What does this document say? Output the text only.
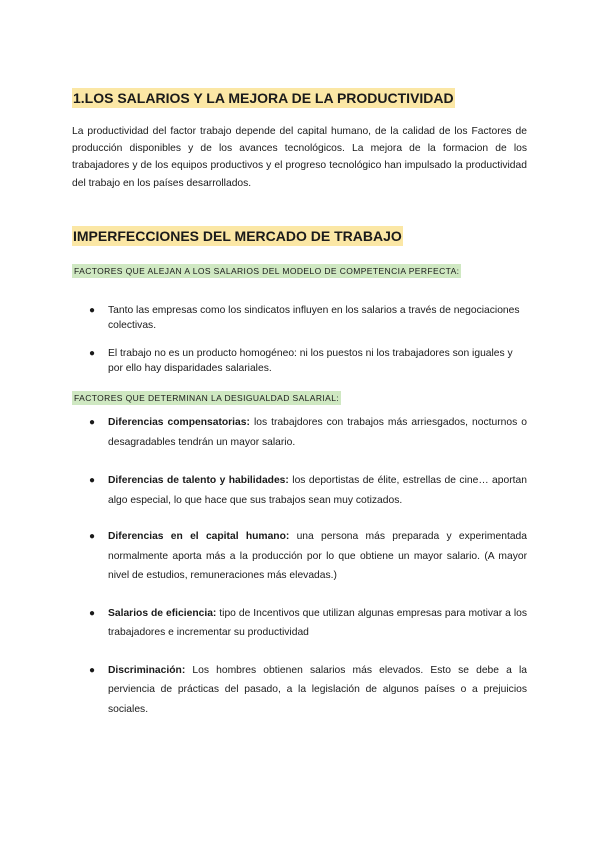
1.LOS SALARIOS Y LA MEJORA DE LA PRODUCTIVIDAD
La productividad del factor trabajo depende del capital humano, de la calidad de los Factores de producción disponibles y de los avances tecnológicos. La mejora de la formacion de los trabajadores y de los equipos productivos y el progreso tecnológico han impulsado la productividad del trabajo en los países desarrollados.
IMPERFECCIONES DEL MERCADO DE TRABAJO
FACTORES QUE ALEJAN A LOS SALARIOS DEL MODELO DE COMPETENCIA PERFECTA:
● Tanto las empresas como los sindicatos influyen en los salarios a través de negociaciones colectivas.
● El trabajo no es un producto homogéneo: ni los puestos ni los trabajadores son iguales y por ello hay disparidades salariales.
FACTORES QUE DETERMINAN LA DESIGUALDAD SALARIAL:
● Diferencias compensatorias: los trabajdores con trabajos más arriesgados, nocturnos o desagradables tendrán un mayor salario.
● Diferencias de talento y habilidades: los deportistas de élite, estrellas de cine… aportan algo especial, lo que hace que sus trabajos sean muy cotizados.
● Diferencias en el capital humano: una persona más preparada y experimentada normalmente aporta más a la producción por lo que obtiene un mayor salario. (A mayor nivel de estudios, remuneraciones más elevadas.)
● Salarios de eficiencia: tipo de Incentivos que utilizan algunas empresas para motivar a los trabajadores e incrementar su productividad
● Discriminación: Los hombres obtienen salarios más elevados. Esto se debe a la perviencia de prácticas del pasado, a la legislación de algunos países o a prejuicios sociales.
